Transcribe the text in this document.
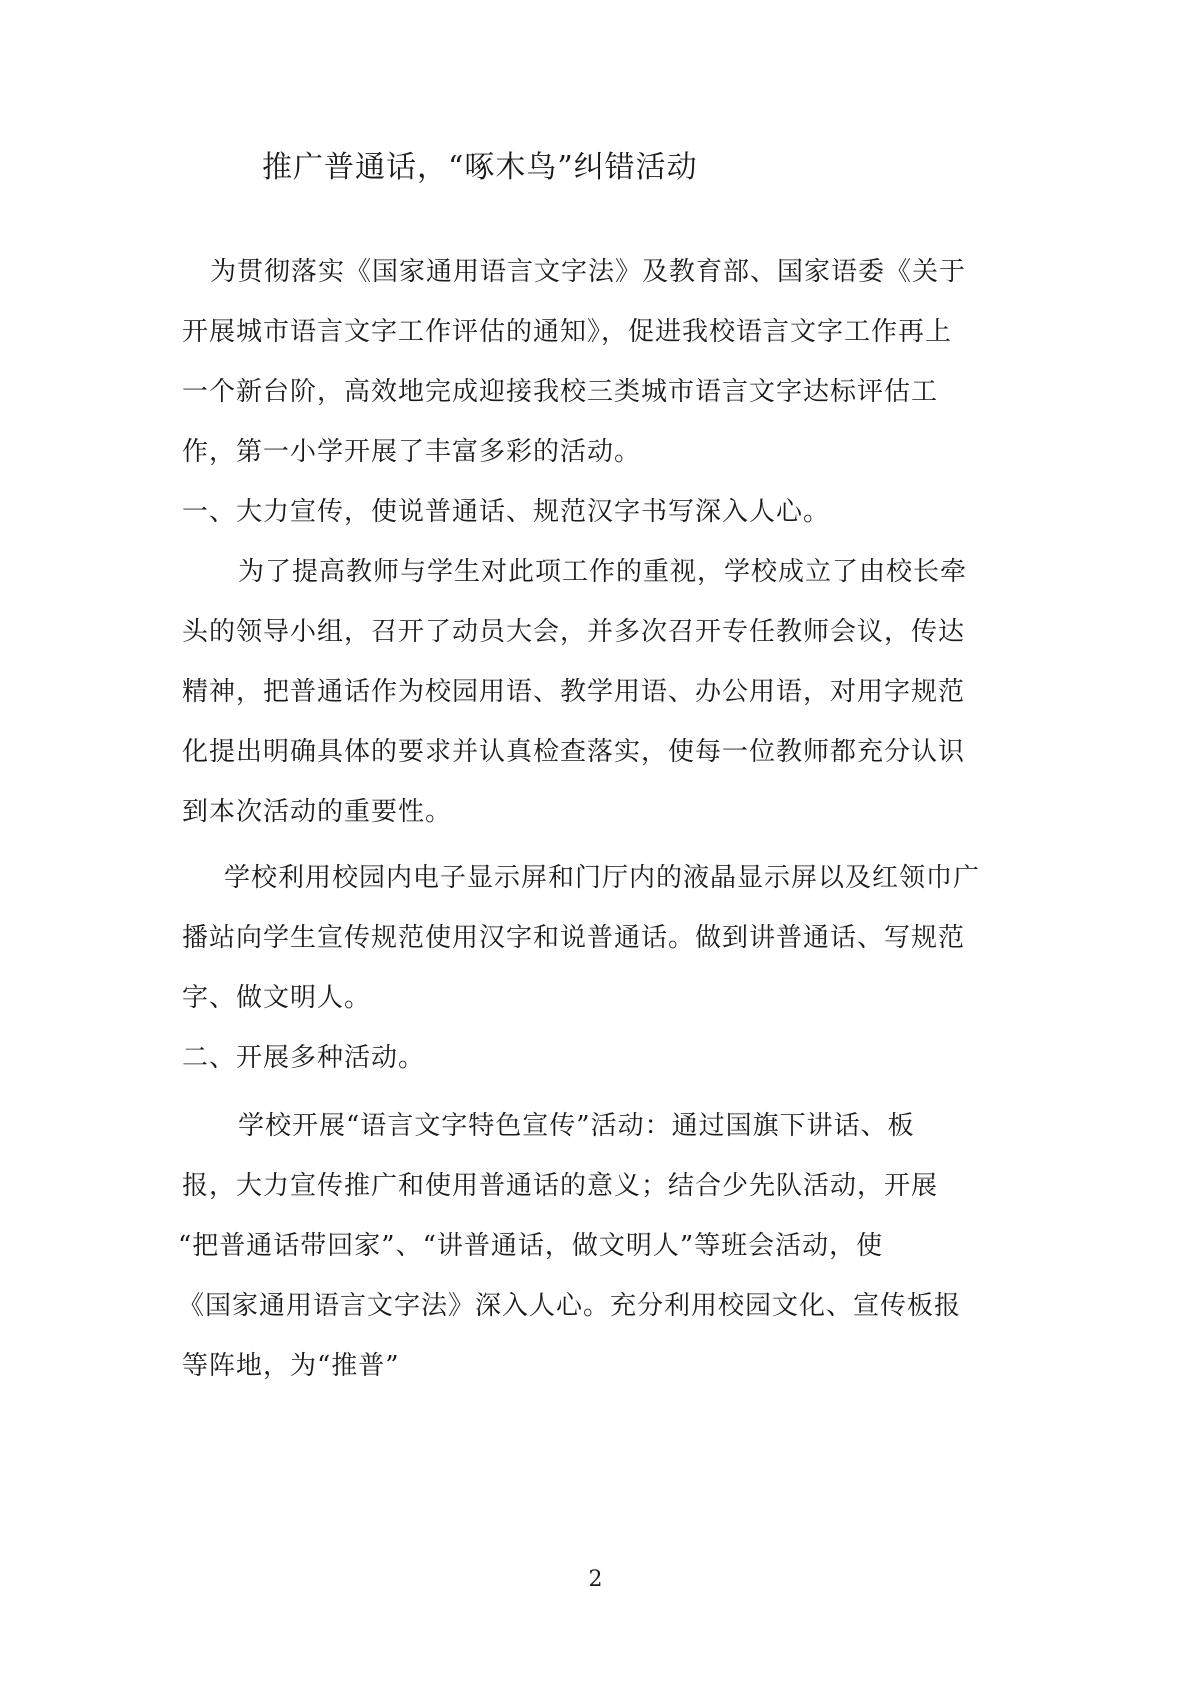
推广普通话，“啄木鸟”纠错活动
为贯彻落实《国家通用语言文字法》及教育部、国家语委《关于
开展城市语言文字工作评估的通知》，促进我校语言文字工作再上
一个新台阶，高效地完成迎接我校三类城市语言文字达标评估工
作，第一小学开展了丰富多彩的活动。
一、大力宣传，使说普通话、规范汉字书写深入人心。
为了提高教师与学生对此项工作的重视，学校成立了由校长牵
头的领导小组，召开了动员大会，并多次召开专任教师会议，传达
精神，把普通话作为校园用语、教学用语、办公用语，对用字规范
化提出明确具体的要求并认真检查落实，使每一位教师都充分认识
到本次活动的重要性。
学校利用校园内电子显示屏和门厅内的液晶显示屏以及红领巾广
播站向学生宣传规范使用汉字和说普通话。做到讲普通话、写规范
字、做文明人。
二、开展多种活动。
学校开展“语言文字特色宣传”活动：通过国旗下讲话、板
报，大力宣传推广和使用普通话的意义；结合少先队活动，开展
“把普通话带回家”、“讲普通话，做文明人”等班会活动，使
《国家通用语言文字法》深入人心。充分利用校园文化、宣传板报
等阵地，为“推普”
2
